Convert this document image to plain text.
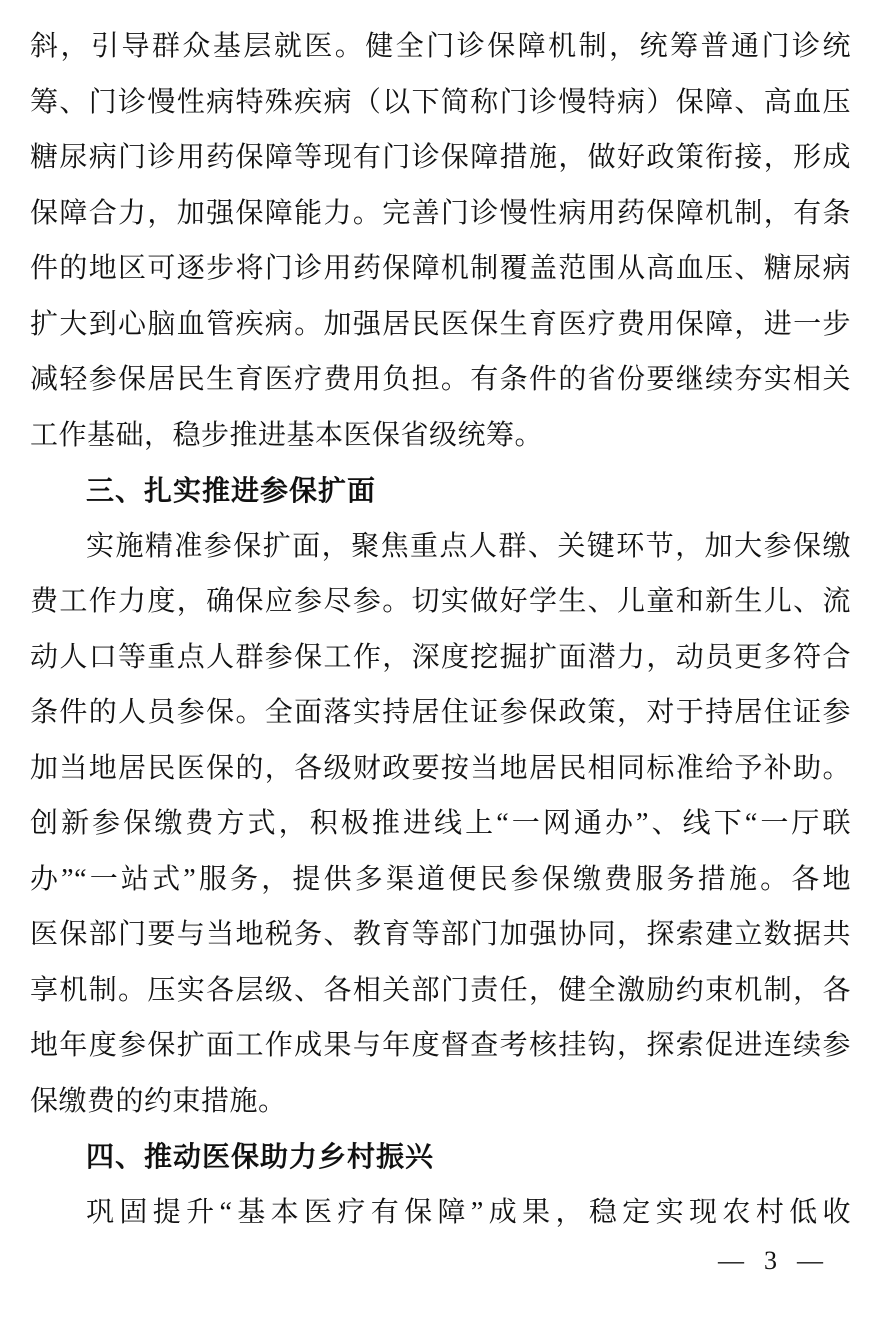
斜，引导群众基层就医。健全门诊保障机制，统筹普通门诊统
筹、门诊慢性病特殊疾病（以下简称门诊慢特病）保障、高血压
糖尿病门诊用药保障等现有门诊保障措施，做好政策衔接，形成
保障合力，加强保障能力。完善门诊慢性病用药保障机制，有条
件的地区可逐步将门诊用药保障机制覆盖范围从高血压、糖尿病
扩大到心脑血管疾病。加强居民医保生育医疗费用保障，进一步
减轻参保居民生育医疗费用负担。有条件的省份要继续夯实相关
工作基础，稳步推进基本医保省级统筹。
三、扎实推进参保扩面
实施精准参保扩面，聚焦重点人群、关键环节，加大参保缴
费工作力度，确保应参尽参。切实做好学生、儿童和新生儿、流
动人口等重点人群参保工作，深度挖掘扩面潜力，动员更多符合
条件的人员参保。全面落实持居住证参保政策，对于持居住证参
加当地居民医保的，各级财政要按当地居民相同标准给予补助。
创新参保缴费方式，积极推进线上“一网通办”、线下“一厅联
办”“一站式”服务，提供多渠道便民参保缴费服务措施。各地
医保部门要与当地税务、教育等部门加强协同，探索建立数据共
享机制。压实各层级、各相关部门责任，健全激励约束机制，各
地年度参保扩面工作成果与年度督查考核挂钩，探索促进连续参
保缴费的约束措施。
四、推动医保助力乡村振兴
巩固提升“基本医疗有保障”成果，稳定实现农村低收
— 3 —
